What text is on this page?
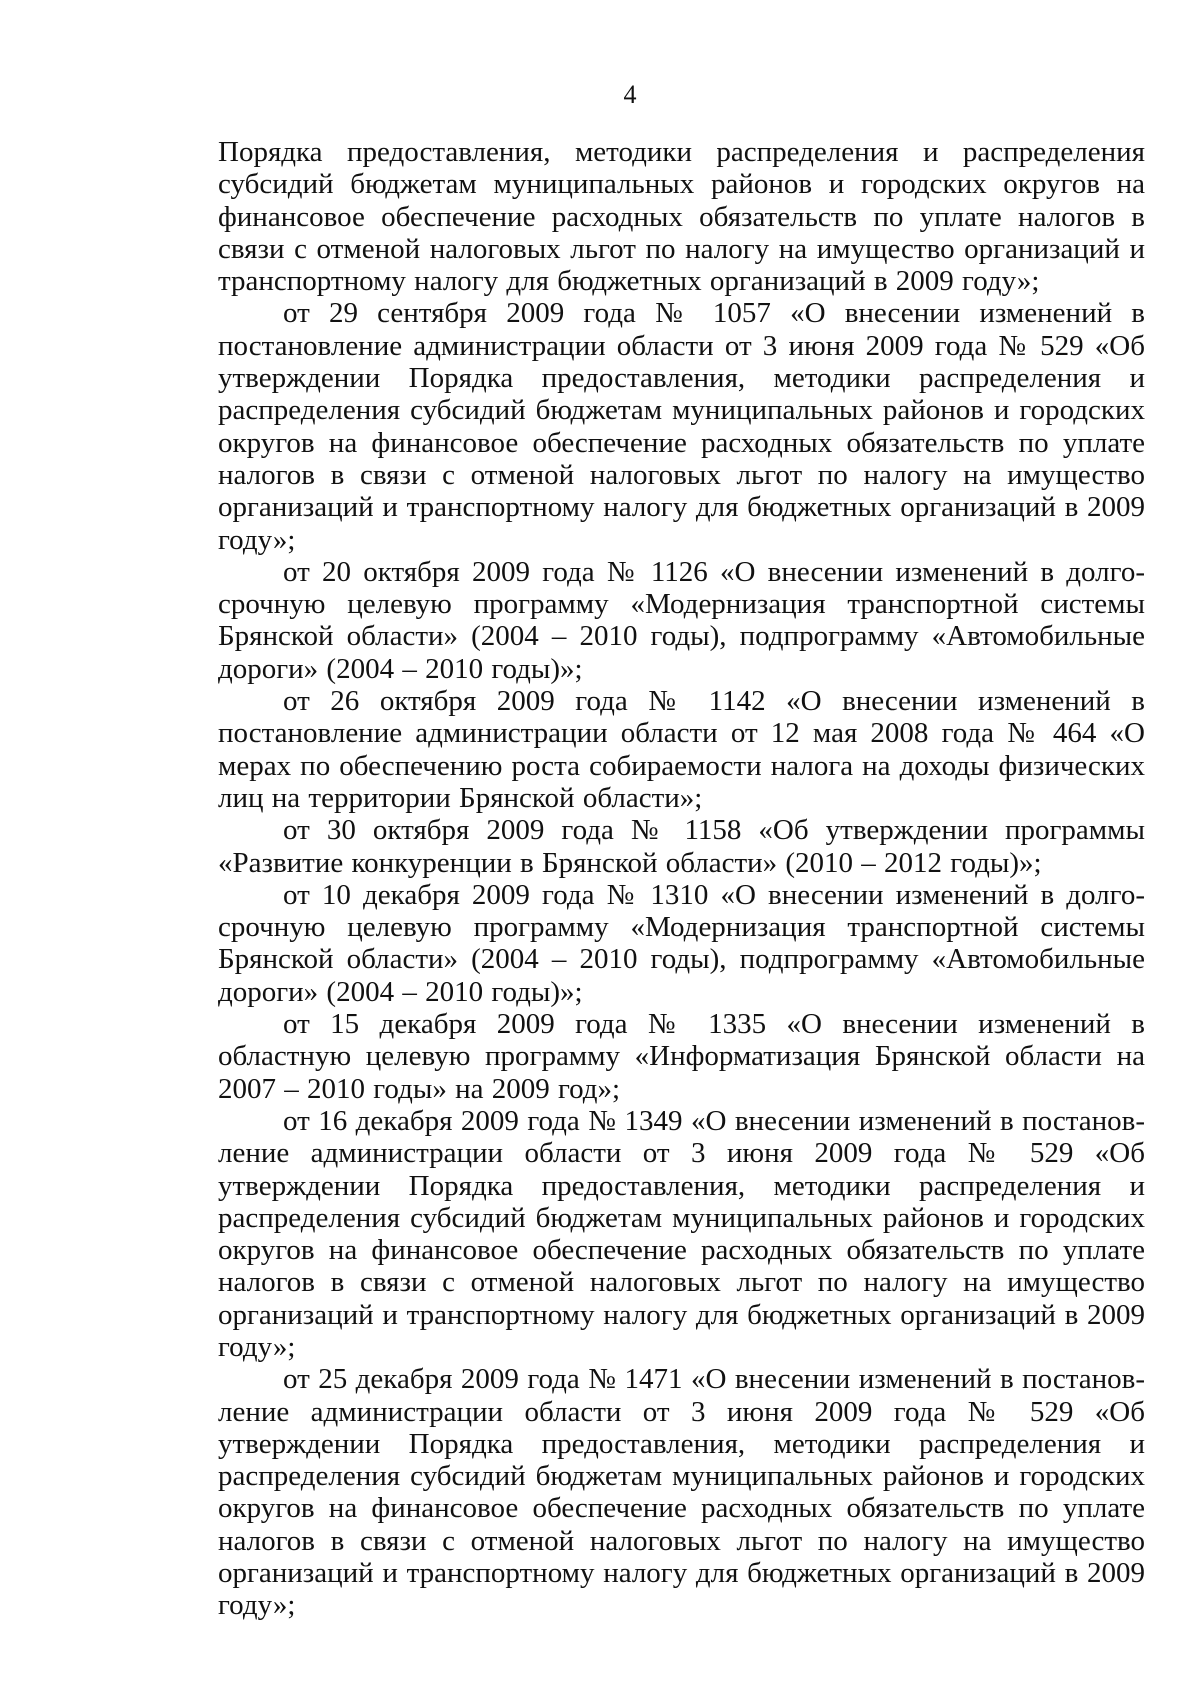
4

Порядка предоставления, методики распределения и распределения субсидий бюджетам муниципальных районов и городских округов на финансовое обеспечение расходных обязательств по уплате налогов в связи с отменой налоговых льгот по налогу на имущество организаций и транспортному налогу для бюджетных организаций в 2009 году»;

от 29 сентября 2009 года № 1057 «О внесении изменений в постановление администрации области от 3 июня 2009 года № 529 «Об утверждении Порядка предоставления, методики распределения и распределения субсидий бюджетам муниципальных районов и городских округов на финансовое обеспечение расходных обязательств по уплате налогов в связи с отменой налоговых льгот по налогу на имущество организаций и транспортному налогу для бюджетных организаций в 2009 году»;

от 20 октября 2009 года № 1126 «О внесении изменений в долгосрочную целевую программу «Модернизация транспортной системы Брянской области» (2004 – 2010 годы), подпрограмму «Автомобильные дороги» (2004 – 2010 годы)»;

от 26 октября 2009 года № 1142 «О внесении изменений в постановление администрации области от 12 мая 2008 года № 464 «О мерах по обеспечению роста собираемости налога на доходы физических лиц на территории Брянской области»;

от 30 октября 2009 года № 1158 «Об утверждении программы «Развитие конкуренции в Брянской области» (2010 – 2012 годы)»;

от 10 декабря 2009 года № 1310 «О внесении изменений в долгосрочную целевую программу «Модернизация транспортной системы Брянской области» (2004 – 2010 годы), подпрограмму «Автомобильные дороги» (2004 – 2010 годы)»;

от 15 декабря 2009 года № 1335 «О внесении изменений в областную целевую программу «Информатизация Брянской области на 2007 – 2010 годы» на 2009 год»;

от 16 декабря 2009 года № 1349 «О внесении изменений в постановление администрации области от 3 июня 2009 года № 529 «Об утверждении Порядка предоставления, методики распределения и распределения субсидий бюджетам муниципальных районов и городских округов на финансовое обеспечение расходных обязательств по уплате налогов в связи с отменой налоговых льгот по налогу на имущество организаций и транспортному налогу для бюджетных организаций в 2009 году»;

от 25 декабря 2009 года № 1471 «О внесении изменений в постановление администрации области от 3 июня 2009 года № 529 «Об утверждении Порядка предоставления, методики распределения и распределения субсидий бюджетам муниципальных районов и городских округов на финансовое обеспечение расходных обязательств по уплате налогов в связи с отменой налоговых льгот по налогу на имущество организаций и транспортному налогу для бюджетных организаций в 2009 году»;
